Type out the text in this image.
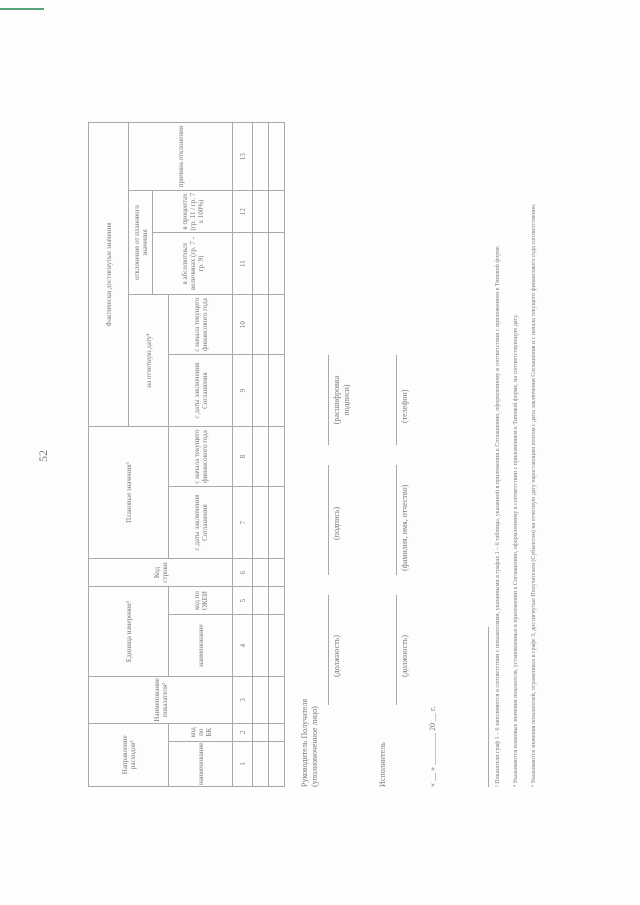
52
Направление расходов³		Наименование показателя³	Единица измерения³		Код строки	Плановые значения³		Фактически достигнутые значения				
								на отчетную дату⁴		отклонение от планового значения		причина отклонения
										в абсолютных величинах (гр. 7 - гр. 9)	в процентах (гр. 11 / гр. 7 х 100%)	
наименование	код по БК		наименование	код по ОКЕИ		с даты заключения Соглашения	с начала текущего финансового года	с даты заключения Соглашения	с начала текущего финансового года			
1	2	3	4	5	6	7	8	9	10	11	12	13

Руководитель Получателя (уполномоченное лицо)
(должность)
(подпись)
(расшифровка подписи)
Исполнитель
(должность)
(фамилия, имя, отчество)
(телефон)
« __ » ________ 20 __ г.	³ Показатели граф 1 – 6 заполняются в соответствии с показателями, указанными в графах 1 – 6 таблицы, указанной в приложении к Соглашению, оформленному в соответствии с приложением к Типовой форме. ⁴ Указываются плановые значения показателя, установленные в приложении к Соглашению, оформленному в соответствии с приложением к Типовой форме, на соответствующую дату. ⁵ Указываются значения показателей, отраженных в графе 3, достигнутые Получателем (Субъектом) на отчетную дату нарастающим итогом с даты заключения Соглашения и с начала текущего финансового года соответственно.
